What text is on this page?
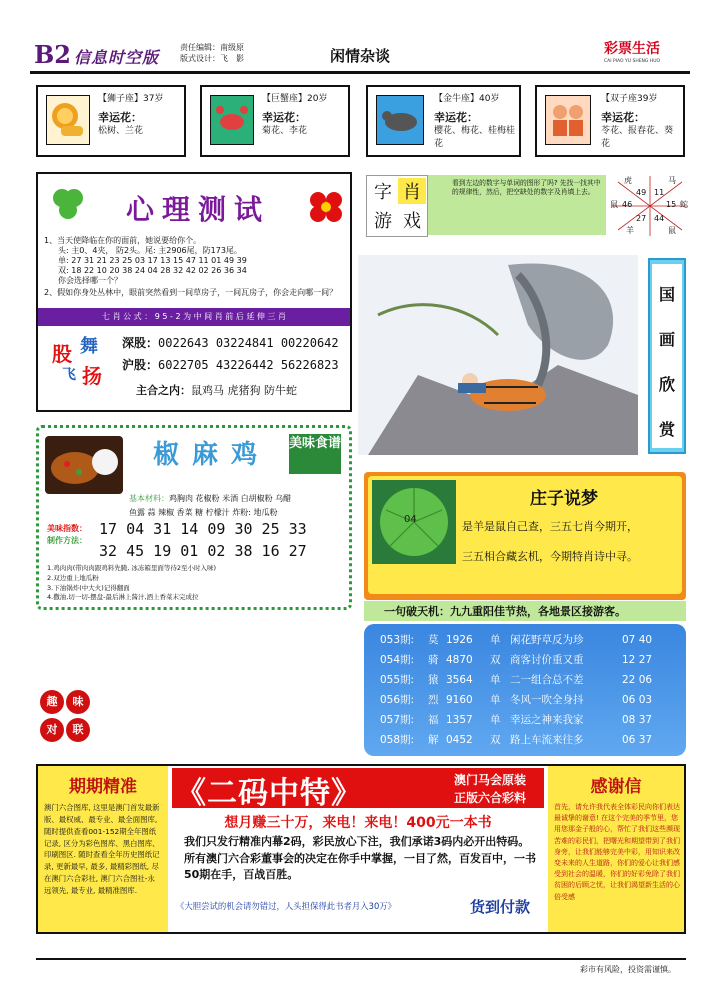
B2 信息时空版
责任编辑：南级原
版式设计：飞　影	闲情杂谈	彩票生活
CAI PIAO YU SHENG HUO
【狮子座】37岁
幸运花：
松树、兰花
【巨蟹座】20岁
幸运花：
菊花、李花
【金牛座】40岁
幸运花：
樱花、梅花、桂梅桂花
【双子座39岁
幸运花：
苓花、报春花、葵花
心理测试
1、当天使降临在你的面前，她说要给你个。
头: 主0、4夹， 防2头。尾: 主2906尾，防173尾。
单: 27 31 21 23 25 03 17 13 15 47 11 01 49 39
双: 18 22 10 20 38 24 04 28 32 42 02 26 36 34
你会选择哪一个？
2、假如你身处丛林中，眼前突然看到一间草房子，一间瓦房子，你会走向哪一间？
七 肖 公 式 ： 9 5 - 2 为 中 间 肖 前 后 延 伸 三 肖
股 舞
飞 扬
深股：0022643 03224841 00220642
沪股：6022705 43226442 56226823
主合之内：鼠鸡马 虎猪狗 防牛蛇
椒 麻 鸡	美味食谱
基本材料：鸡胸肉 花椒粉 米酒 白胡椒粉 乌醋
鱼露 蒜 辣椒 香菜 糖 柠檬汁 炸粉: 地瓜粉
美味指数：
制作方法：
17 04 31 14 09 30 25 33
32 45 19 01 02 38 16 27
1.鸡肉肉(带肉肉跟鸡料先腌, 冰冻箱里面等待2至小时入味)
2.双边重上地瓜粉
3.下油锅炸(中大火)记得翻面
4.撒油,切一切-摆盘-最后淋上酱汁,洒上香菜末完成拉
趣	味
对	联
字 肖
游 戏
看到左边的数字与单词的图形了吗? 先找一找其中的规律性，然后，把空缺处的数字及肖填上去。
虎	马
鼠	蛇
羊	鼠
49 11
46	15
27 44
国
画
欣
赏
04
庄子说梦
是羊是鼠自己查，三五七肖今期开，
三五相合藏玄机，今期特肖诗中寻。
一句破天机：九九重阳佳节热，各地景区接游客。
053期: 莫 1926 单 闲花野草反为珍	07 40
054期: 骑 4870 双 商客讨价重又重	12 27
055期: 猿 3564 单 二一组合总不差	22 06
056期: 烈 9160 单 冬风一吹全身抖	06 03
057期: 福 1357 单 幸运之神来我家	08 37
058期: 解 0452 双 路上车流来往多	06 37
期期精准
澳门六合图库, 这里是澳门首发最新版、最权威、最专业、最全面图库, 随时提供查看001-152期全年图纸记录, 区分为彩色图库、黑白图库、印刷图区. 随时查看全年历史图纸记录, 更新最早, 最多, 最精彩图纸, 尽在澳门六合彩社, 澳门六合图社-永远领先, 最专业, 最精准图库.
《二码中特》	澳门马会原装
正版六合彩料
想月赚三十万，来电！来电！400元一本书
我们只发行精准内幕2码，彩民放心下注，我们承诺3码内必开出特码。所有澳门六合彩董事会的决定在你手中掌握，一目了然，百发百中，一书50期在手，百战百胜。
《大胆尝试的机会请勿错过，人头担保得此书者月入30万》	货到付款
感谢信
首先，请允许我代表全体彩民向你们表达最诚挚的谢意! 在这个完美的季节里，您用您那金子般的心，帮忙了我们这些濒现苦难的彩民们，把曙光和期望带到了我们身旁，让我们能够完美中彩，用知识来改变未来的人生道路，你们的爱心让我们感受到社会的温暖，你们的好彩免除了我们贫困的后顾之忧，让我们渴望新生活的心倍受感
彩市有风险，投资需谨慎。
